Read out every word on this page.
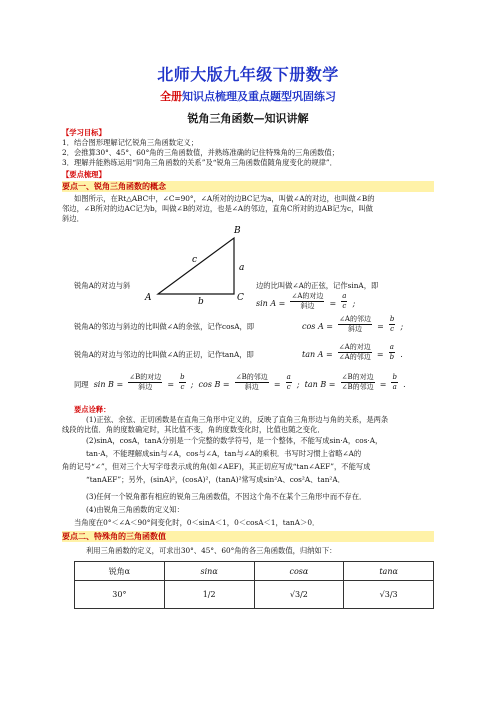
北师大版九年级下册数学
全册知识点梳理及重点题型巩固练习
锐角三角函数—知识讲解
【学习目标】
1．结合图形理解记忆锐角三角函数定义；
2．会推算30°、45°、60°角的三角函数值，并熟练准确的记住特殊角的三角函数值；
3．理解并能熟练运用“同角三角函数的关系”及“锐角三角函数值随角度变化的规律”．
【要点梳理】
要点一、锐角三角函数的概念
如图所示，在Rt△ABC中，∠C=90°，∠A所对的边BC记为a，叫做∠A的对边，也叫做∠B的
邻边，∠B所对的边AC记为b，叫做∠B的对边，也是∠A的邻边，直角C所对的边AB记为c，叫做
斜边．
A	C
B
c
a
b
锐角A的对边与斜	边的比叫做∠A的正弦，记作sinA，即
$\sin A = \frac{\text{∠A的对边}}{\text{斜边}} = \frac{a}{c}$ ;
锐角A的邻边与斜边的比叫做∠A的余弦，记作cosA，即	$\cos A = \frac{\text{∠A的邻边}}{\text{斜边}} = \frac{b}{c}$ ;
锐角A的对边与邻边的比叫做∠A的正切，记作tanA，即	$\tan A = \frac{\text{∠A的对边}}{\text{∠A的邻边}} = \frac{a}{b}$ .
同理 $\sin B = \frac{\text{∠B的对边}}{\text{斜边}} = \frac{b}{c}$ ;  $\cos B = \frac{\text{∠B的邻边}}{\text{斜边}} = \frac{a}{c}$ ;  $\tan B = \frac{\text{∠B的对边}}{\text{∠B的邻边}} = \frac{b}{a}$ .
要点诠释：
(1)正弦、余弦、正切函数是在直角三角形中定义的，反映了直角三角形边与角的关系，是两条
线段的比值．角的度数确定时，其比值不变，角的度数变化时，比值也随之变化．
(2)sinA，cosA，tanA分别是一个完整的数学符号，是一个整体，不能写成sin·A，cos·A，
tan·A，不能理解成sin与∠A，cos与∠A，tan与∠A的乘积．书写时习惯上省略∠A的
角的记号“∠”，但对三个大写字母表示成的角(如∠AEF)，其正切应写成“tan∠AEF”，不能写成
“tanAEF”；另外，(sinA)²，(cosA)²，(tanA)²常写成sin²A、cos²A、tan²A．
(3)任何一个锐角都有相应的锐角三角函数值，不因这个角不在某个三角形中而不存在．
(4)由锐角三角函数的定义知：
当角度在0°＜∠A＜90°间变化时，0＜sinA＜1，0＜cosA＜1，tanA＞0．
要点二、特殊角的三角函数值
利用三角函数的定义，可求出30°、45°、60°角的各三角函数值，归纳如下：
锐角α	sinα	cosα	tanα
30°	1/2	√3/2	√3/3
